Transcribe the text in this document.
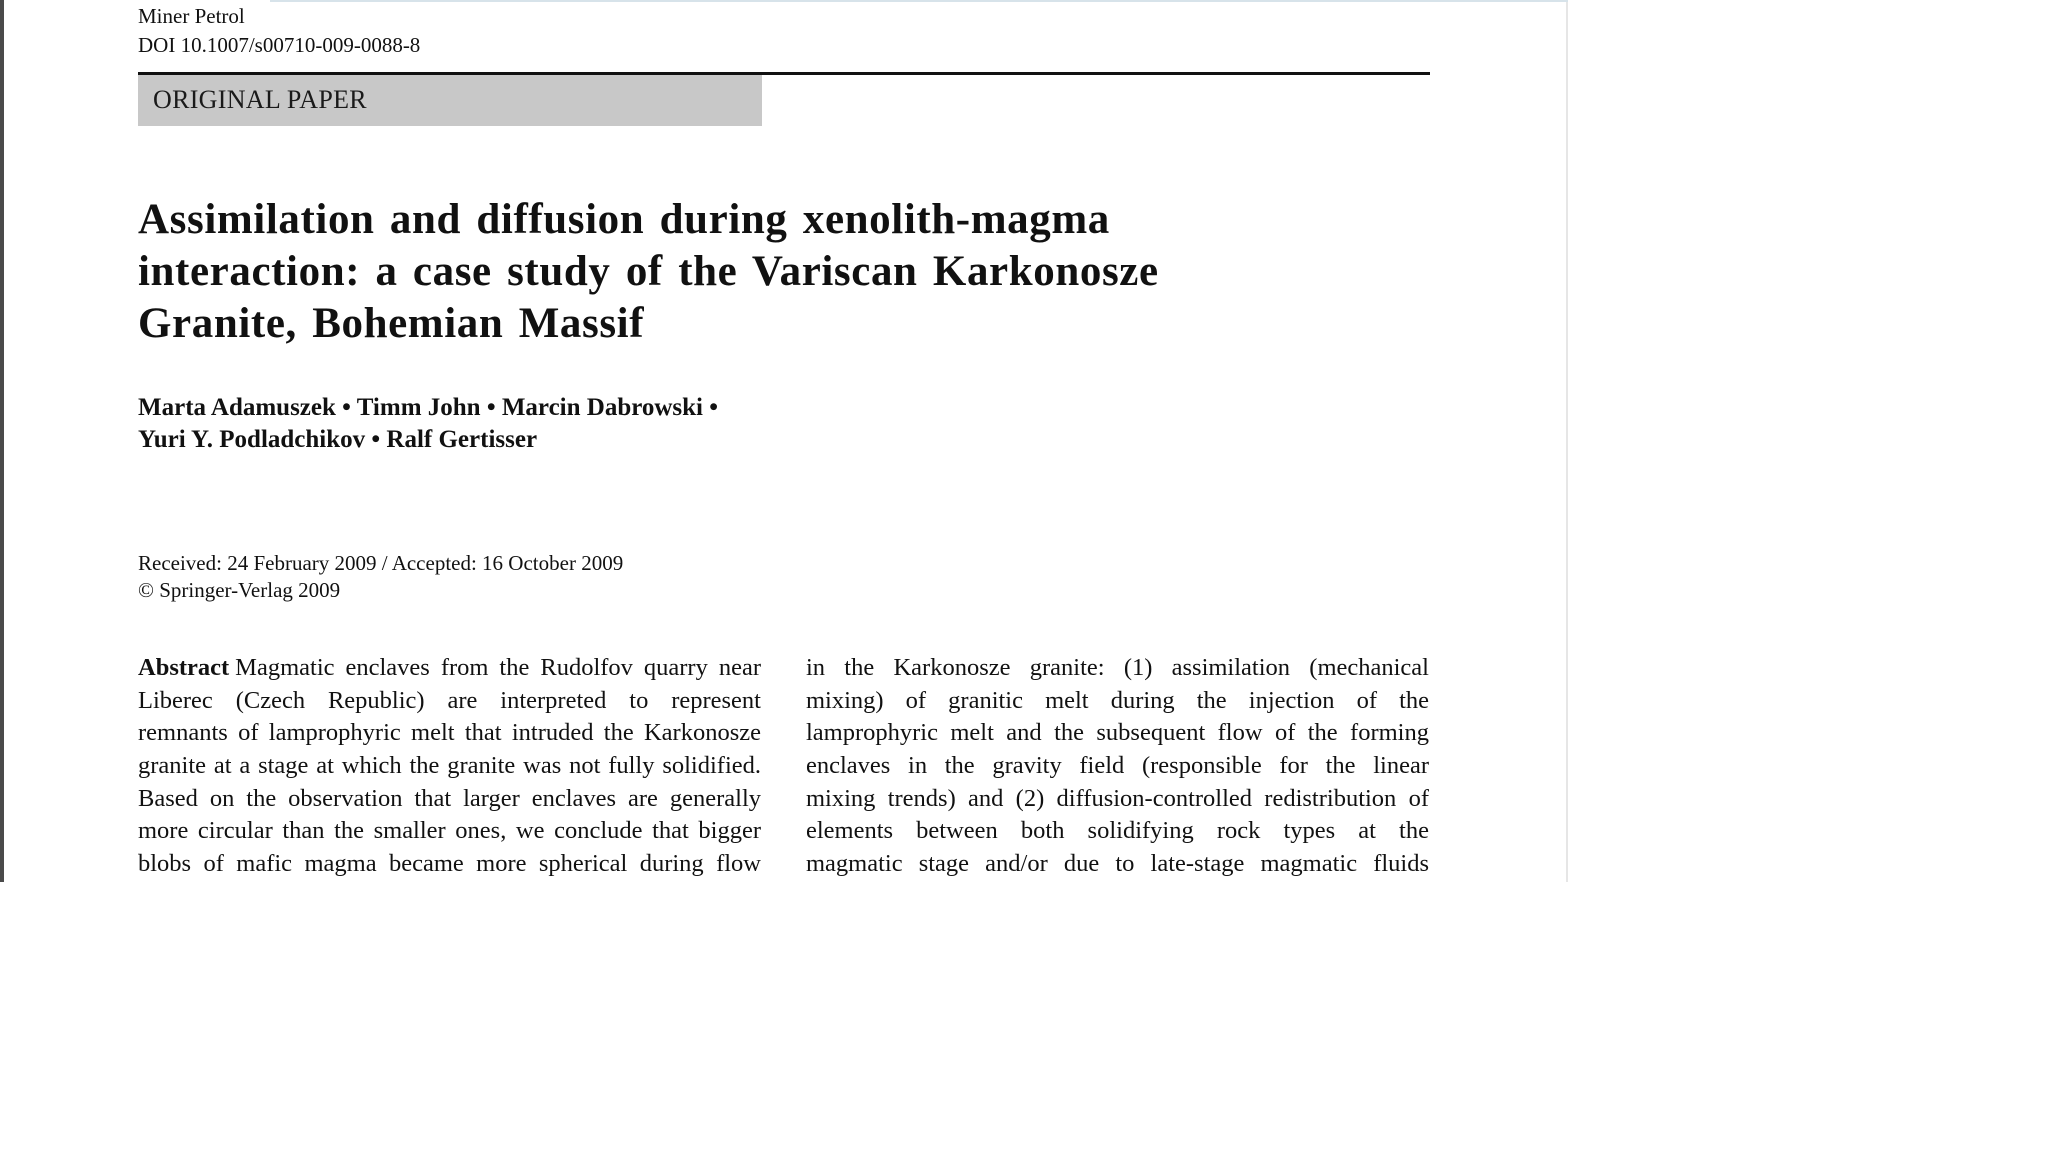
Miner Petrol
DOI 10.1007/s00710-009-0088-8
ORIGINAL PAPER
Assimilation and diffusion during xenolith-magma
interaction: a case study of the Variscan Karkonosze
Granite, Bohemian Massif
Marta Adamuszek • Timm John • Marcin Dabrowski •
Yuri Y. Podladchikov • Ralf Gertisser
Received: 24 February 2009 / Accepted: 16 October 2009
© Springer-Verlag 2009
Abstract Magmatic enclaves from the Rudolfov quarry near
Liberec (Czech Republic) are interpreted to represent
remnants of lamprophyric melt that intruded the Karkonosze
granite at a stage at which the granite was not fully solidified.
Based on the observation that larger enclaves are generally
more circular than the smaller ones, we conclude that bigger
blobs of mafic magma became more spherical during flow
in the Karkonosze granite: (1) assimilation (mechanical
mixing) of granitic melt during the injection of the
lamprophyric melt and the subsequent flow of the forming
enclaves in the gravity field (responsible for the linear
mixing trends) and (2) diffusion-controlled redistribution of
elements between both solidifying rock types at the
magmatic stage and/or due to late-stage magmatic fluids
